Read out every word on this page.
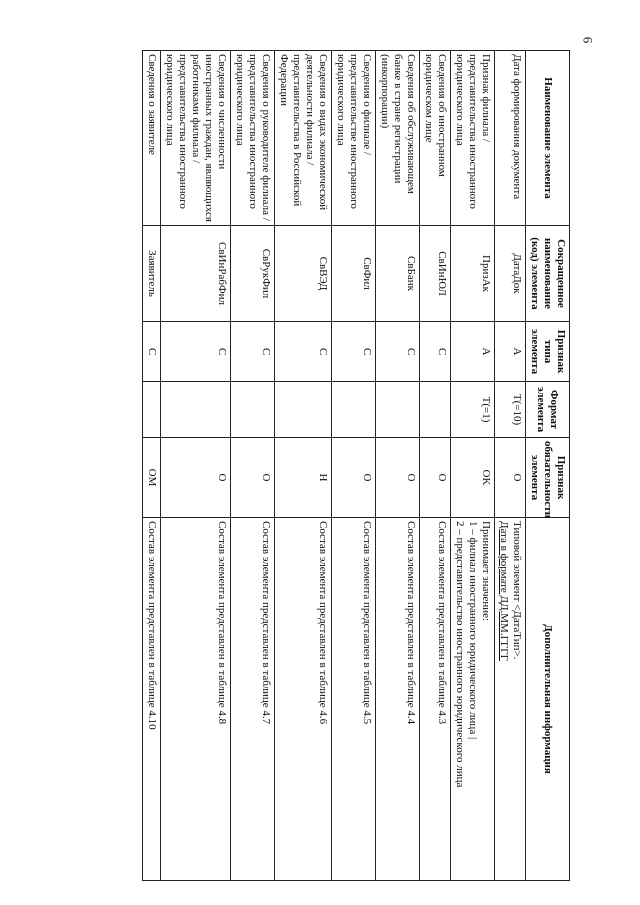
6
Наименование элемента	Сокращенное наименование (код) элемента	Признак типа элемента	Формат элемента	Признак обязательности элемента	Дополнительная информация
Дата формирования документа	ДатаДок	A	T(=10)	O	Типовой элемент <ДатаТип>.
Дата в формате ДД.ММ.ГГГГ

Признак филиала / представительства иностранного юридического лица	ПризАк	A	T(=1)	OK	Принимает значение:
1 – филиал иностранного юридического лица |
2 – представительство иностранного юридического лица
Сведения об иностранном юридическом лице	СвИнЮЛ	С		O	Состав элемента представлен в таблице 4.3
Сведения об обслуживающем банке в стране регистрации (инкорпорации)	СвБанк	С		O	Состав элемента представлен в таблице 4.4
Сведения о филиале / представительстве иностранного юридического лица	СвФил	С		O	Состав элемента представлен в таблице 4.5
Сведения о видах экономической деятельности филиала / представительства в Российской Федерации	СвВЭД	С		Н	Состав элемента представлен в таблице 4.6
Сведения о руководителе филиала / представительства иностранного юридического лица	СвРукФил	С		O	Состав элемента представлен в таблице 4.7
Сведения о численности иностранных граждан, являющихся работниками филиала / представительства иностранного юридического лица	СвИнРабФил	С		O	Состав элемента представлен в таблице 4.8
Сведения о заявителе	Заявитель	С		OM	Состав элемента представлен в таблице 4.10
